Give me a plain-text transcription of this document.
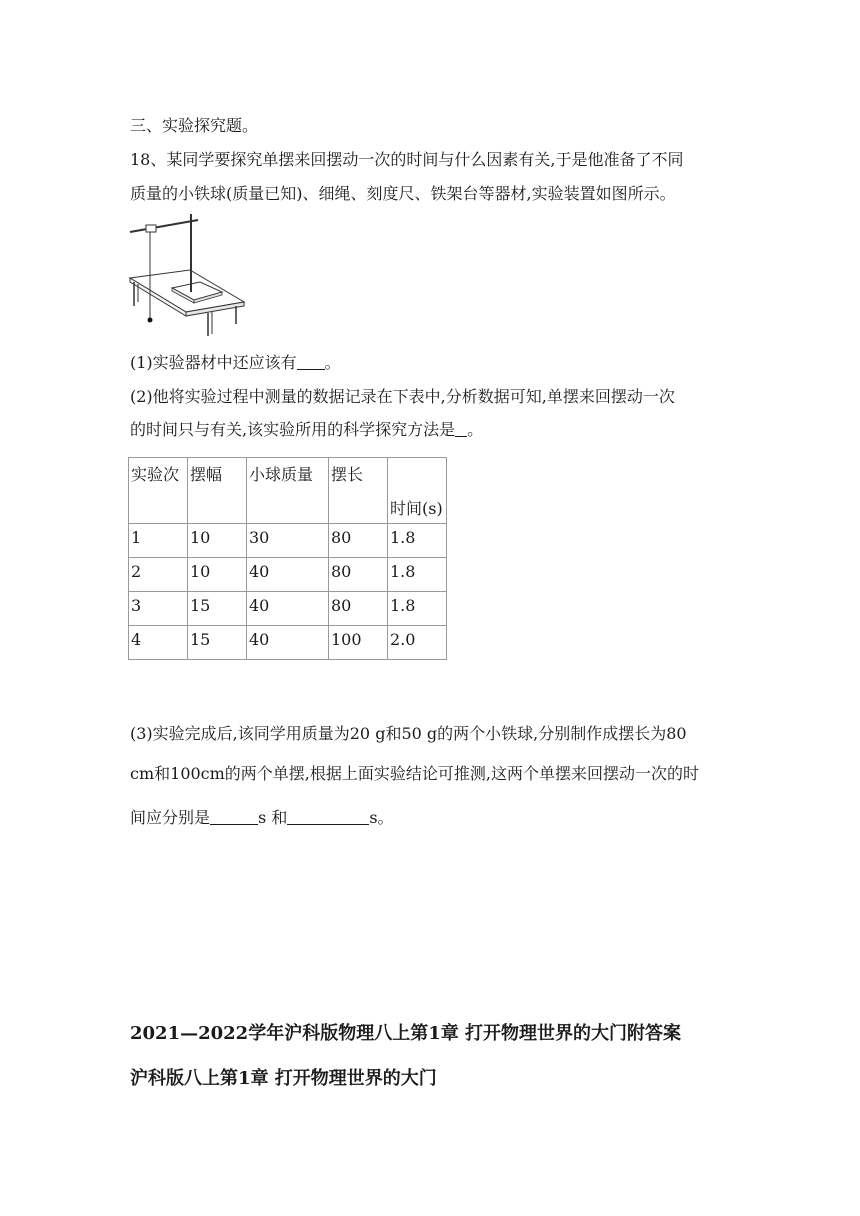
三、实验探究题。
18、某同学要探究单摆来回摆动一次的时间与什么因素有关,于是他准备了不同
质量的小铁球(质量已知)、细绳、刻度尺、铁架台等器材,实验装置如图所示。
(1)实验器材中还应该有 。
(2)他将实验过程中测量的数据记录在下表中,分析数据可知,单摆来回摆动一次
的时间只与有关,该实验所用的科学探究方法是 。
实验次	摆幅	小球质量	摆长	时间(s)
1	10	30	80	1.8
2	10	40	80	1.8
3	15	40	80	1.8
4	15	40	100	2.0
(3)实验完成后,该同学用质量为20 g和50 g的两个小铁球,分别制作成摆长为80
cm和100cm的两个单摆,根据上面实验结论可推测,这两个单摆来回摆动一次的时
间应分别是	s 和	s。
2021—2022学年沪科版物理八上第1章 打开物理世界的大门附答案
沪科版八上第1章 打开物理世界的大门
